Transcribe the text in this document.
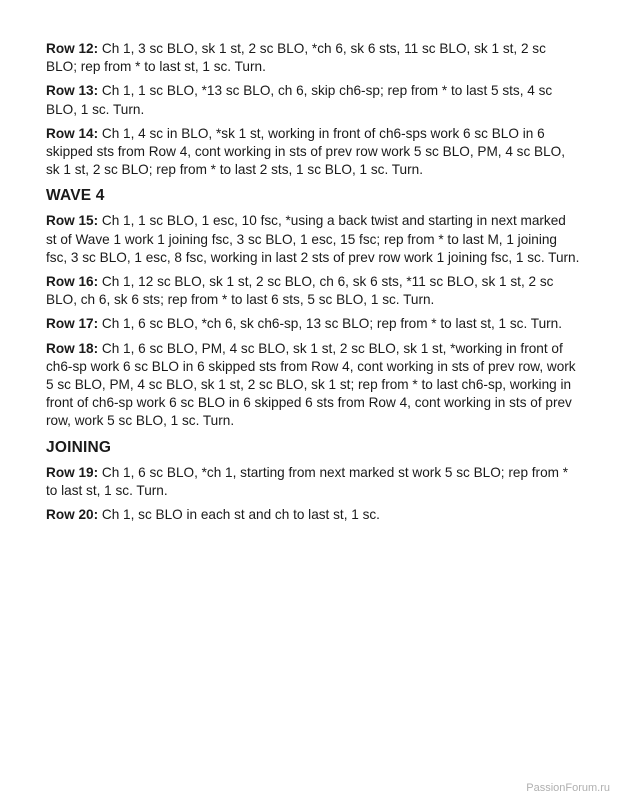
Row 12: Ch 1, 3 sc BLO, sk 1 st, 2 sc BLO, *ch 6, sk 6 sts, 11 sc BLO, sk 1 st, 2 sc BLO; rep from * to last st, 1 sc. Turn.

Row 13: Ch 1, 1 sc BLO, *13 sc BLO, ch 6, skip ch6-sp; rep from * to last 5 sts, 4 sc BLO, 1 sc. Turn.

Row 14: Ch 1, 4 sc in BLO, *sk 1 st, working in front of ch6-sps work 6 sc BLO in 6 skipped sts from Row 4, cont working in sts of prev row work 5 sc BLO, PM, 4 sc BLO, sk 1 st, 2 sc BLO; rep from * to last 2 sts, 1 sc BLO, 1 sc. Turn.

WAVE 4

Row 15: Ch 1, 1 sc BLO, 1 esc, 10 fsc, *using a back twist and starting in next marked st of Wave 1 work 1 joining fsc, 3 sc BLO, 1 esc, 15 fsc; rep from * to last M, 1 joining fsc, 3 sc BLO, 1 esc, 8 fsc, working in last 2 sts of prev row work 1 joining fsc, 1 sc. Turn.

Row 16: Ch 1, 12 sc BLO, sk 1 st, 2 sc BLO, ch 6, sk 6 sts, *11 sc BLO, sk 1 st, 2 sc BLO, ch 6, sk 6 sts; rep from * to last 6 sts, 5 sc BLO, 1 sc. Turn.

Row 17: Ch 1, 6 sc BLO, *ch 6, sk ch6-sp, 13 sc BLO; rep from * to last st, 1 sc. Turn.

Row 18: Ch 1, 6 sc BLO, PM, 4 sc BLO, sk 1 st, 2 sc BLO, sk 1 st, *working in front of ch6-sp work 6 sc BLO in 6 skipped sts from Row 4, cont working in sts of prev row, work 5 sc BLO, PM, 4 sc BLO, sk 1 st, 2 sc BLO, sk 1 st; rep from * to last ch6-sp, working in front of ch6-sp work 6 sc BLO in 6 skipped 6 sts from Row 4, cont working in sts of prev row, work 5 sc BLO, 1 sc. Turn.

JOINING

Row 19: Ch 1, 6 sc BLO, *ch 1, starting from next marked st work 5 sc BLO; rep from * to last st, 1 sc. Turn.

Row 20: Ch 1, sc BLO in each st and ch to last st, 1 sc.

PassionForum.ru
